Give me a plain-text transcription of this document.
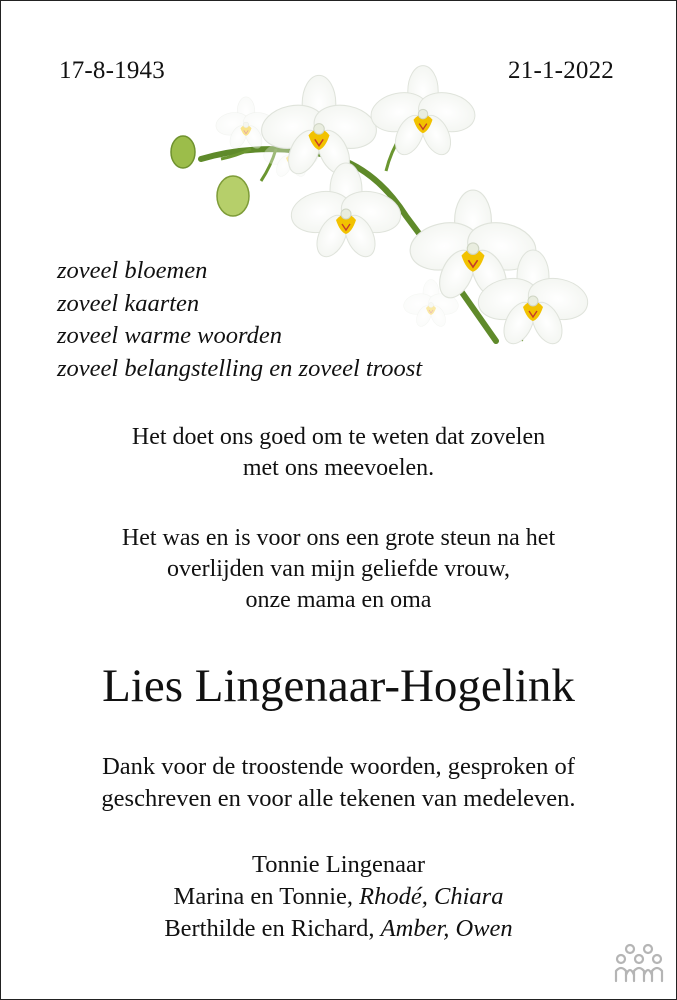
17-8-1943	21-1-2022
zoveel bloemen
zoveel kaarten
zoveel warme woorden
zoveel belangstelling en zoveel troost
Het doet ons goed om te weten dat zovelen
met ons meevoelen.
Het was en is voor ons een grote steun na het
overlijden van mijn geliefde vrouw,
onze mama en oma
Lies Lingenaar-Hogelink
Dank voor de troostende woorden, gesproken of
geschreven en voor alle tekenen van medeleven.
Tonnie Lingenaar
Marina en Tonnie, Rhodé, Chiara
Berthilde en Richard, Amber, Owen
